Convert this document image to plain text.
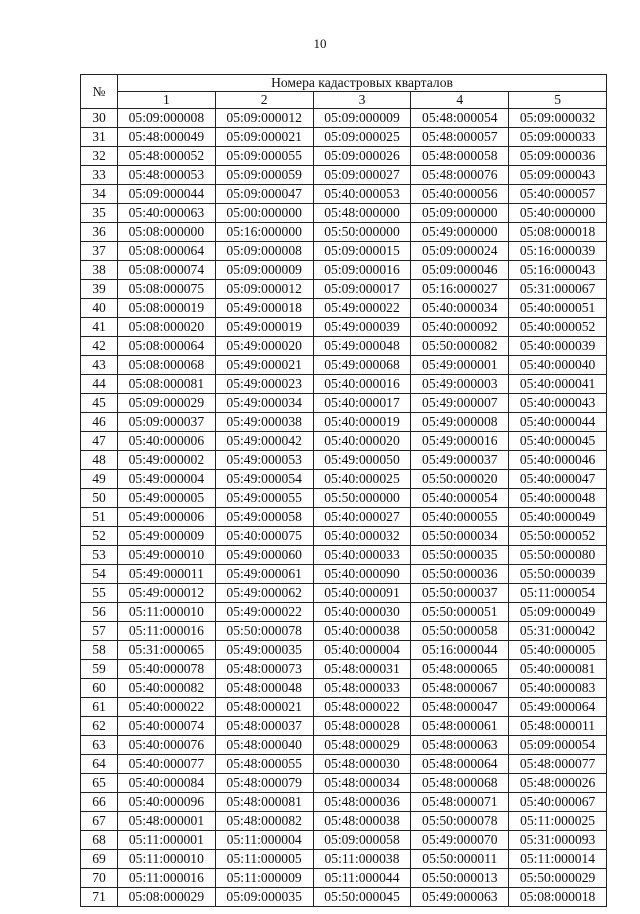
10
№	Номера кадастровых кварталов				
	1	2	3	4	5
30	05:09:000008	05:09:000012	05:09:000009	05:48:000054	05:09:000032
31	05:48:000049	05:09:000021	05:09:000025	05:48:000057	05:09:000033
32	05:48:000052	05:09:000055	05:09:000026	05:48:000058	05:09:000036
33	05:48:000053	05:09:000059	05:09:000027	05:48:000076	05:09:000043
34	05:09:000044	05:09:000047	05:40:000053	05:40:000056	05:40:000057
35	05:40:000063	05:00:000000	05:48:000000	05:09:000000	05:40:000000
36	05:08:000000	05:16:000000	05:50:000000	05:49:000000	05:08:000018
37	05:08:000064	05:09:000008	05:09:000015	05:09:000024	05:16:000039
38	05:08:000074	05:09:000009	05:09:000016	05:09:000046	05:16:000043
39	05:08:000075	05:09:000012	05:09:000017	05:16:000027	05:31:000067
40	05:08:000019	05:49:000018	05:49:000022	05:40:000034	05:40:000051
41	05:08:000020	05:49:000019	05:49:000039	05:40:000092	05:40:000052
42	05:08:000064	05:49:000020	05:49:000048	05:50:000082	05:40:000039
43	05:08:000068	05:49:000021	05:49:000068	05:49:000001	05:40:000040
44	05:08:000081	05:49:000023	05:40:000016	05:49:000003	05:40:000041
45	05:09:000029	05:49:000034	05:40:000017	05:49:000007	05:40:000043
46	05:09:000037	05:49:000038	05:40:000019	05:49:000008	05:40:000044
47	05:40:000006	05:49:000042	05:40:000020	05:49:000016	05:40:000045
48	05:49:000002	05:49:000053	05:49:000050	05:49:000037	05:40:000046
49	05:49:000004	05:49:000054	05:40:000025	05:50:000020	05:40:000047
50	05:49:000005	05:49:000055	05:50:000000	05:40:000054	05:40:000048
51	05:49:000006	05:49:000058	05:40:000027	05:40:000055	05:40:000049
52	05:49:000009	05:40:000075	05:40:000032	05:50:000034	05:50:000052
53	05:49:000010	05:49:000060	05:40:000033	05:50:000035	05:50:000080
54	05:49:000011	05:49:000061	05:40:000090	05:50:000036	05:50:000039
55	05:49:000012	05:49:000062	05:40:000091	05:50:000037	05:11:000054
56	05:11:000010	05:49:000022	05:40:000030	05:50:000051	05:09:000049
57	05:11:000016	05:50:000078	05:40:000038	05:50:000058	05:31:000042
58	05:31:000065	05:49:000035	05:40:000004	05:16:000044	05:40:000005
59	05:40:000078	05:48:000073	05:48:000031	05:48:000065	05:40:000081
60	05:40:000082	05:48:000048	05:48:000033	05:48:000067	05:40:000083
61	05:40:000022	05:48:000021	05:48:000022	05:48:000047	05:49:000064
62	05:40:000074	05:48:000037	05:48:000028	05:48:000061	05:48:000011
63	05:40:000076	05:48:000040	05:48:000029	05:48:000063	05:09:000054
64	05:40:000077	05:48:000055	05:48:000030	05:48:000064	05:48:000077
65	05:40:000084	05:48:000079	05:48:000034	05:48:000068	05:48:000026
66	05:40:000096	05:48:000081	05:48:000036	05:48:000071	05:40:000067
67	05:48:000001	05:48:000082	05:48:000038	05:50:000078	05:11:000025
68	05:11:000001	05:11:000004	05:09:000058	05:49:000070	05:31:000093
69	05:11:000010	05:11:000005	05:11:000038	05:50:000011	05:11:000014
70	05:11:000016	05:11:000009	05:11:000044	05:50:000013	05:50:000029
71	05:08:000029	05:09:000035	05:50:000045	05:49:000063	05:08:000018
